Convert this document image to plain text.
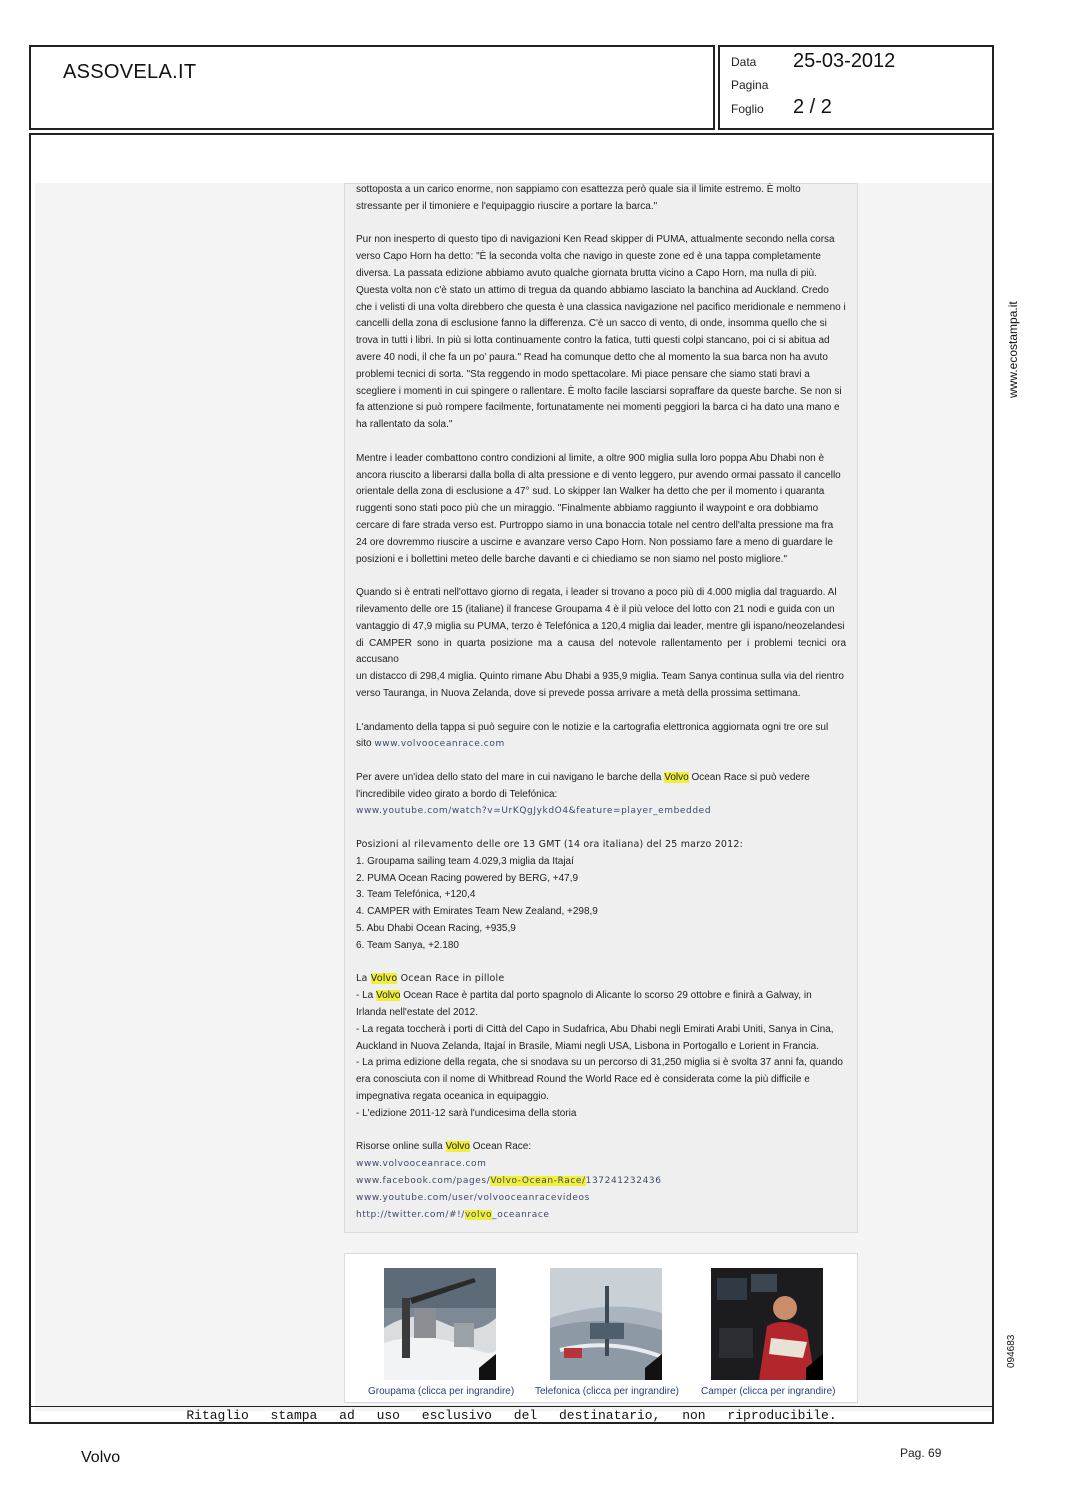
ASSOVELA.IT	Data 25-03-2012
Pagina
Foglio 2 / 2

sottoposta a un carico enorme, non sappiamo con esattezza però quale sia il limite estremo. È molto
stressante per il timoniere e l'equipaggio riuscire a portare la barca."

Pur non inesperto di questo tipo di navigazioni Ken Read skipper di PUMA, attualmente secondo nella corsa
verso Capo Horn ha detto: "È la seconda volta che navigo in queste zone ed è una tappa completamente
diversa. La passata edizione abbiamo avuto qualche giornata brutta vicino a Capo Horn, ma nulla di più.
Questa volta non c'è stato un attimo di tregua da quando abbiamo lasciato la banchina ad Auckland. Credo
che i velisti di una volta direbbero che questa è una classica navigazione nel pacifico meridionale e nemmeno i
cancelli della zona di esclusione fanno la differenza. C'è un sacco di vento, di onde, insomma quello che si
trova in tutti i libri. In più si lotta continuamente contro la fatica, tutti questi colpi stancano, poi ci si abitua ad
avere 40 nodi, il che fa un po' paura." Read ha comunque detto che al momento la sua barca non ha avuto
problemi tecnici di sorta. "Sta reggendo in modo spettacolare. Mi piace pensare che siamo stati bravi a
scegliere i momenti in cui spingere o rallentare. È molto facile lasciarsi sopraffare da queste barche. Se non si
fa attenzione si può rompere facilmente, fortunatamente nei momenti peggiori la barca ci ha dato una mano e
ha rallentato da sola."

Mentre i leader combattono contro condizioni al limite, a oltre 900 miglia sulla loro poppa Abu Dhabi non è
ancora riuscito a liberarsi dalla bolla di alta pressione e di vento leggero, pur avendo ormai passato il cancello
orientale della zona di esclusione a 47° sud. Lo skipper Ian Walker ha detto che per il momento i quaranta
ruggenti sono stati poco più che un miraggio. "Finalmente abbiamo raggiunto il waypoint e ora dobbiamo
cercare di fare strada verso est. Purtroppo siamo in una bonaccia totale nel centro dell'alta pressione ma fra
24 ore dovremmo riuscire a uscirne e avanzare verso Capo Horn. Non possiamo fare a meno di guardare le
posizioni e i bollettini meteo delle barche davanti e ci chiediamo se non siamo nel posto migliore."

Quando si è entrati nell'ottavo giorno di regata, i leader si trovano a poco più di 4.000 miglia dal traguardo. Al
rilevamento delle ore 15 (italiane) il francese Groupama 4 è il più veloce del lotto con 21 nodi e guida con un
vantaggio di 47,9 miglia su PUMA, terzo è Telefónica a 120,4 miglia dai leader, mentre gli ispano/neozelandesi
di CAMPER sono in quarta posizione ma a causa del notevole rallentamento per i problemi tecnici ora accusano
un distacco di 298,4 miglia. Quinto rimane Abu Dhabi a 935,9 miglia. Team Sanya continua sulla via del rientro
verso Tauranga, in Nuova Zelanda, dove si prevede possa arrivare a metà della prossima settimana.

L'andamento della tappa si può seguire con le notizie e la cartografia elettronica aggiornata ogni tre ore sul
sito www.volvooceanrace.com

Per avere un'idea dello stato del mare in cui navigano le barche della Volvo Ocean Race si può vedere
l'incredibile video girato a bordo di Telefónica:
www.youtube.com/watch?v=UrKQgJykdO4&feature=player_embedded

Posizioni al rilevamento delle ore 13 GMT (14 ora italiana) del 25 marzo 2012:
1. Groupama sailing team 4.029,3 miglia da Itajaí
2. PUMA Ocean Racing powered by BERG, +47,9
3. Team Telefónica, +120,4
4. CAMPER with Emirates Team New Zealand, +298,9
5. Abu Dhabi Ocean Racing, +935,9
6. Team Sanya, +2.180

La Volvo Ocean Race in pillole
- La Volvo Ocean Race è partita dal porto spagnolo di Alicante lo scorso 29 ottobre e finirà a Galway, in
Irlanda nell'estate del 2012.
- La regata toccherà i porti di Città del Capo in Sudafrica, Abu Dhabi negli Emirati Arabi Uniti, Sanya in Cina,
Auckland in Nuova Zelanda, Itajaí in Brasile, Miami negli USA, Lisbona in Portogallo e Lorient in Francia.
- La prima edizione della regata, che si snodava su un percorso di 31,250 miglia si è svolta 37 anni fa, quando
era conosciuta con il nome di Whitbread Round the World Race ed è considerata come la più difficile e
impegnativa regata oceanica in equipaggio.
- L'edizione 2011-12 sarà l'undicesima della storia

Risorse online sulla Volvo Ocean Race:
www.volvooceanrace.com
www.facebook.com/pages/Volvo-Ocean-Race/137241232436
www.youtube.com/user/volvooceanracevideos
http://twitter.com/#!/volvo_oceanrace

Groupama (clicca per ingrandire) Telefonica (clicca per ingrandire) Camper (clicca per ingrandire)
Ritaglio stampa ad uso esclusivo del destinatario, non riproducibile.
www.ecostampa.it
094683
Volvo	Pag. 69
